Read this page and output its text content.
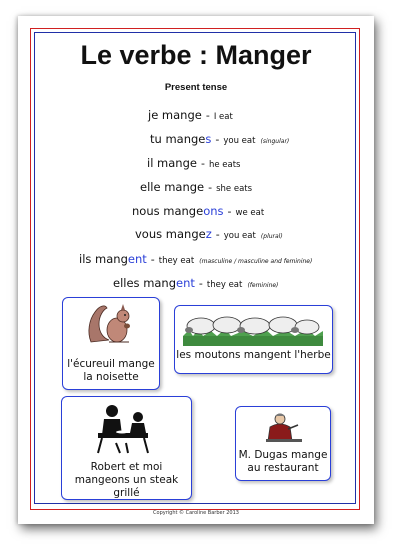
Le verbe : Manger
Present tense
je mange - I eat
tu manges - you eat (singular)
il mange - he eats
elle mange - she eats
nous mangeons - we eat
vous mangez - you eat (plural)
ils mangent - they eat (masculine / masculine and feminine)
elles mangent - they eat (feminine)
l'écureuil mange la noisette
les moutons mangent l'herbe
Robert et moi mangeons un steak grillé
M. Dugas mange au restaurant
Copyright © Caroline Barber 2013
